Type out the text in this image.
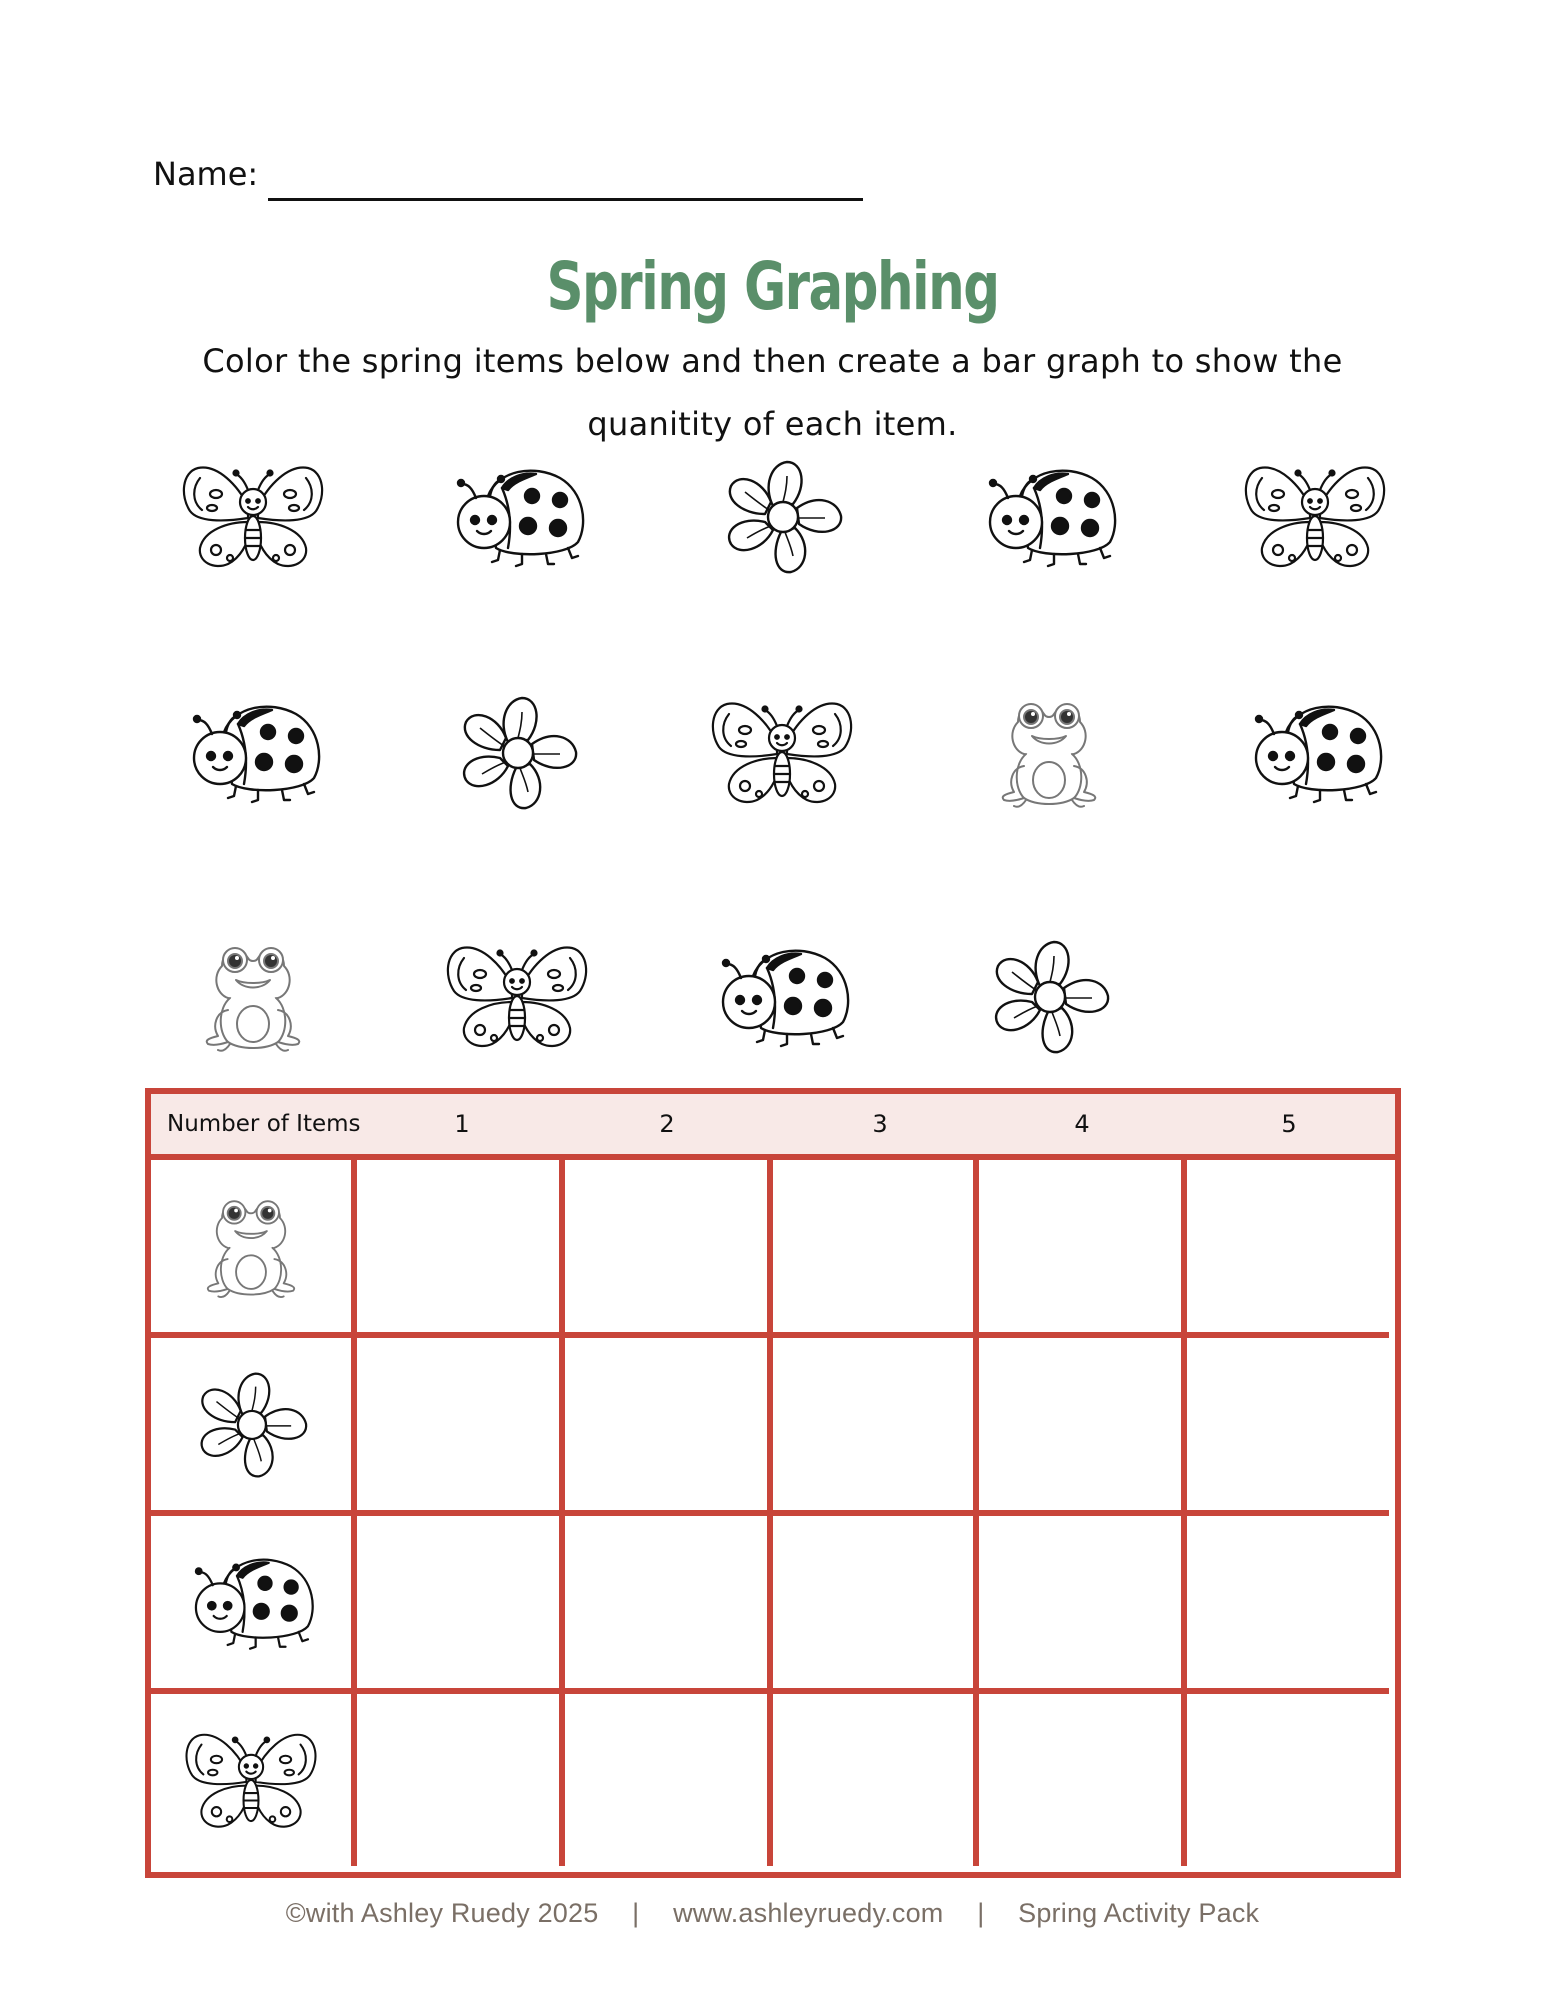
Name:
Spring Graphing
Color the spring items below and then create a bar graph to show the quanitity of each item.
Number of Items	1	2	3	4	5
©with Ashley Ruedy 2025 | www.ashleyruedy.com | Spring Activity Pack
